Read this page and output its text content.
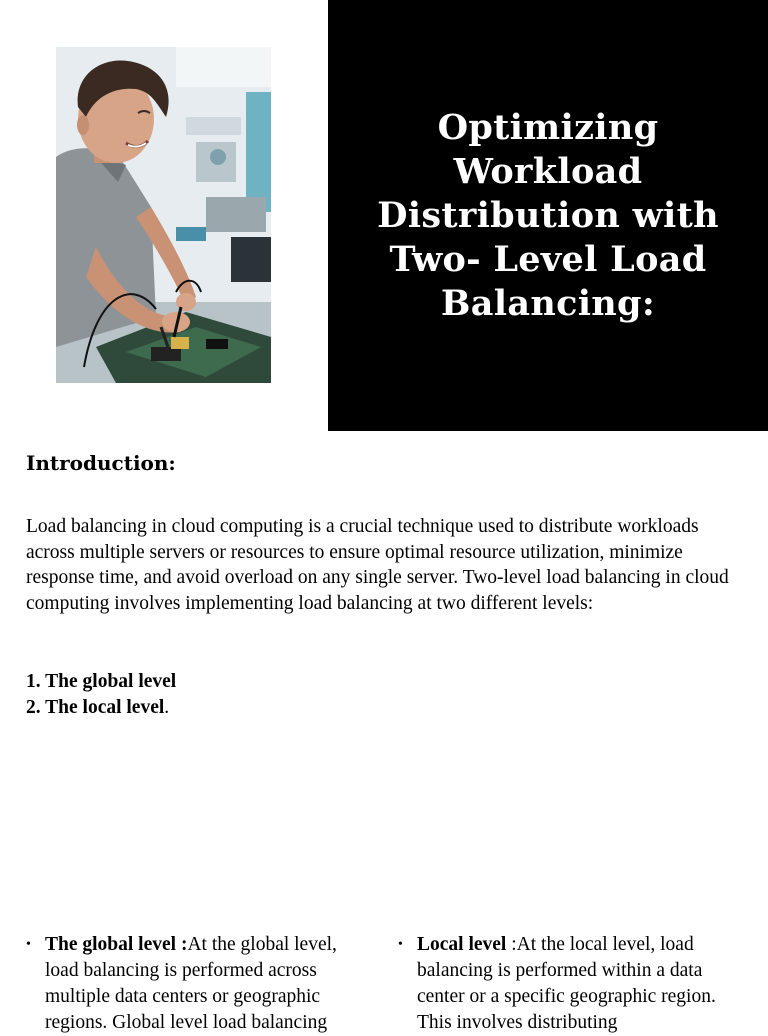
Optimizing Workload
Distribution with
Two- Level Load
Balancing:
Introduction:

Load balancing in cloud computing is a crucial technique used to distribute workloads across multiple servers or resources to ensure optimal resource utilization, minimize response time, and avoid overload on any single server. Two-level load balancing in cloud computing involves implementing load balancing at two different levels:

1. The global level
2. The local level.
• The global level :At the global level, load balancing is performed across multiple data centers or geographic regions. Global level load balancing
• Local level :At the local level, load balancing is performed within a data center or a specific geographic region. This involves distributing
